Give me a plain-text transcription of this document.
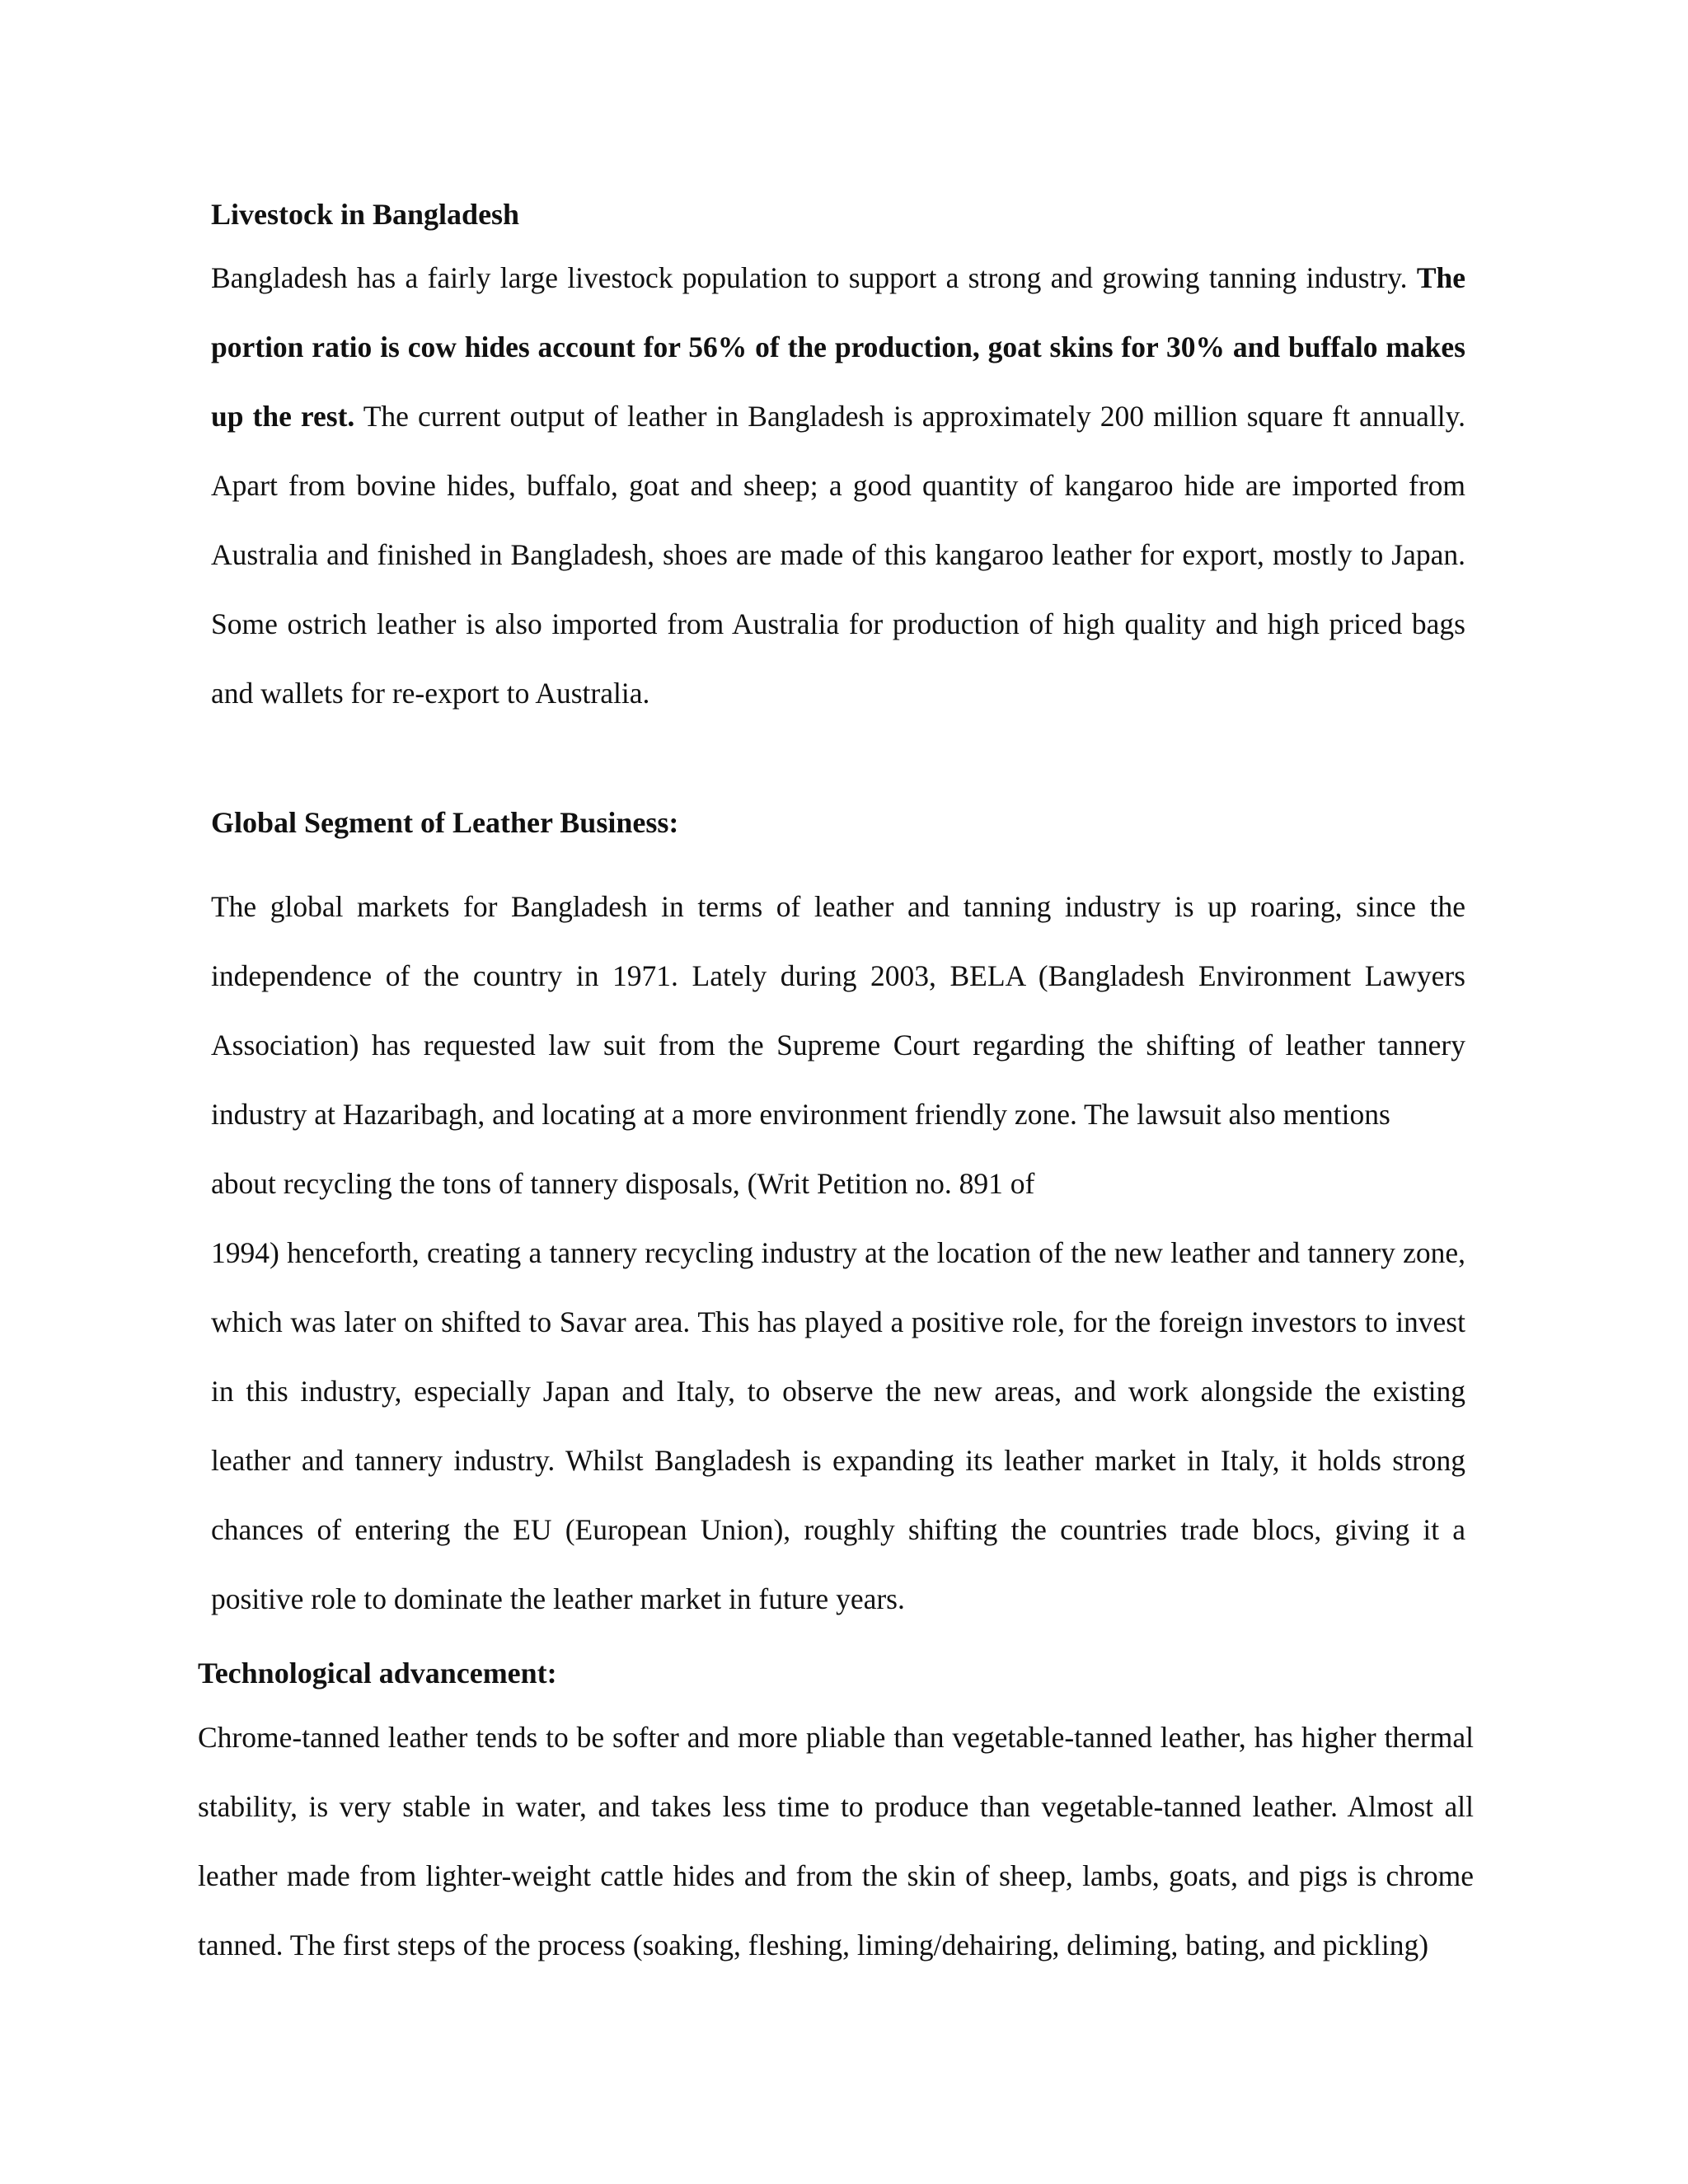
Livestock in Bangladesh

Bangladesh has a fairly large livestock population to support a strong and growing tanning industry. The portion ratio is cow hides account for 56% of the production, goat skins for 30% and buffalo makes up the rest. The current output of leather in Bangladesh is approximately 200 million square ft annually. Apart from bovine hides, buffalo, goat and sheep; a good quantity of kangaroo hide are imported from Australia and finished in Bangladesh, shoes are made of this kangaroo leather for export, mostly to Japan. Some ostrich leather is also imported from Australia for production of high quality and high priced bags and wallets for re-export to Australia.

Global Segment of Leather Business:

The global markets for Bangladesh in terms of leather and tanning industry is up roaring, since the independence of the country in 1971. Lately during 2003, BELA (Bangladesh Environment Lawyers Association) has requested law suit from the Supreme Court regarding the shifting of leather tannery industry at Hazaribagh, and locating at a more environment friendly zone. The lawsuit also mentions

about recycling the tons of tannery disposals, (Writ Petition no. 891 of

1994) henceforth, creating a tannery recycling industry at the location of the new leather and tannery zone, which was later on shifted to Savar area. This has played a positive role, for the foreign investors to invest in this industry, especially Japan and Italy, to observe the new areas, and work alongside the existing leather and tannery industry. Whilst Bangladesh is expanding its leather market in Italy, it holds strong chances of entering the EU (European Union), roughly shifting the countries trade blocs, giving it a positive role to dominate the leather market in future years.

Technological advancement:

Chrome-tanned leather tends to be softer and more pliable than vegetable-tanned leather, has higher thermal stability, is very stable in water, and takes less time to produce than vegetable-tanned leather. Almost all leather made from lighter-weight cattle hides and from the skin of sheep, lambs, goats, and pigs is chrome tanned. The first steps of the process (soaking, fleshing, liming/dehairing, deliming, bating, and pickling)
